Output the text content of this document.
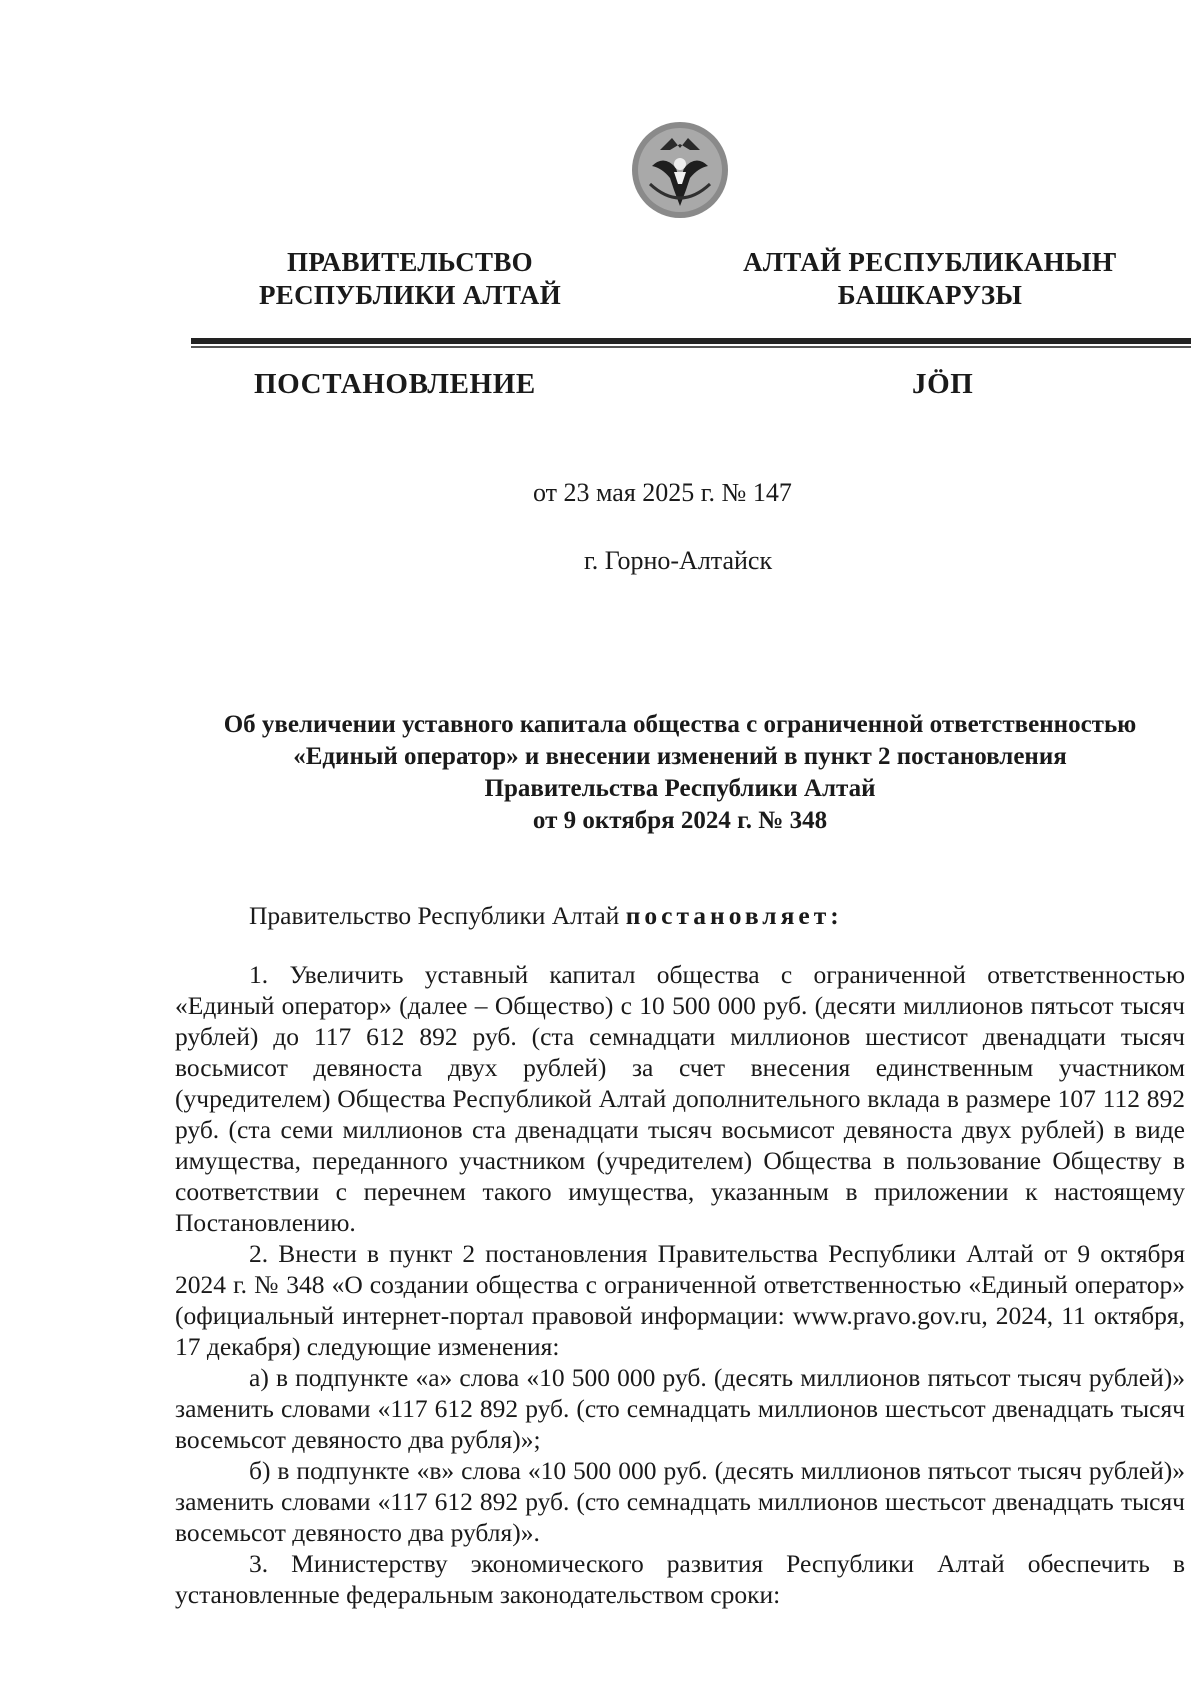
ПРАВИТЕЛЬСТВО
РЕСПУБЛИКИ АЛТАЙ
АЛТАЙ РЕСПУБЛИКАНЫҤ
БАШКАРУЗЫ
ПОСТАНОВЛЕНИЕ	JӦП
от 23 мая 2025 г. № 147
г. Горно-Алтайск
Об увеличении уставного капитала общества с ограниченной ответственностью
«Единый оператор» и внесении изменений в пункт 2 постановления
Правительства Республики Алтай
от 9 октября 2024 г. № 348

Правительство Республики Алтай постановляет:

1. Увеличить уставный капитал общества с ограниченной ответственностью «Единый оператор» (далее – Общество) с 10 500 000 руб. (десяти миллионов пятьсот тысяч рублей) до 117 612 892 руб. (ста семнадцати миллионов шестисот двенадцати тысяч восьмисот девяноста двух рублей) за счет внесения единственным участником (учредителем) Общества Республикой Алтай дополнительного вклада в размере 107 112 892 руб. (ста семи миллионов ста двенадцати тысяч восьмисот девяноста двух рублей) в виде имущества, переданного участником (учредителем) Общества в пользование Обществу в соответствии с перечнем такого имущества, указанным в приложении к настоящему Постановлению.

2. Внести в пункт 2 постановления Правительства Республики Алтай от 9 октября 2024 г. № 348 «О создании общества с ограниченной ответственностью «Единый оператор» (официальный интернет-портал правовой информации: www.pravo.gov.ru, 2024, 11 октября, 17 декабря) следующие изменения:

а) в подпункте «а» слова «10 500 000 руб. (десять миллионов пятьсот тысяч рублей)» заменить словами «117 612 892 руб. (сто семнадцать миллионов шестьсот двенадцать тысяч восемьсот девяносто два рубля)»;

б) в подпункте «в» слова «10 500 000 руб. (десять миллионов пятьсот тысяч рублей)» заменить словами «117 612 892 руб. (сто семнадцать миллионов шестьсот двенадцать тысяч восемьсот девяносто два рубля)».

3. Министерству экономического развития Республики Алтай обеспечить в установленные федеральным законодательством сроки:
